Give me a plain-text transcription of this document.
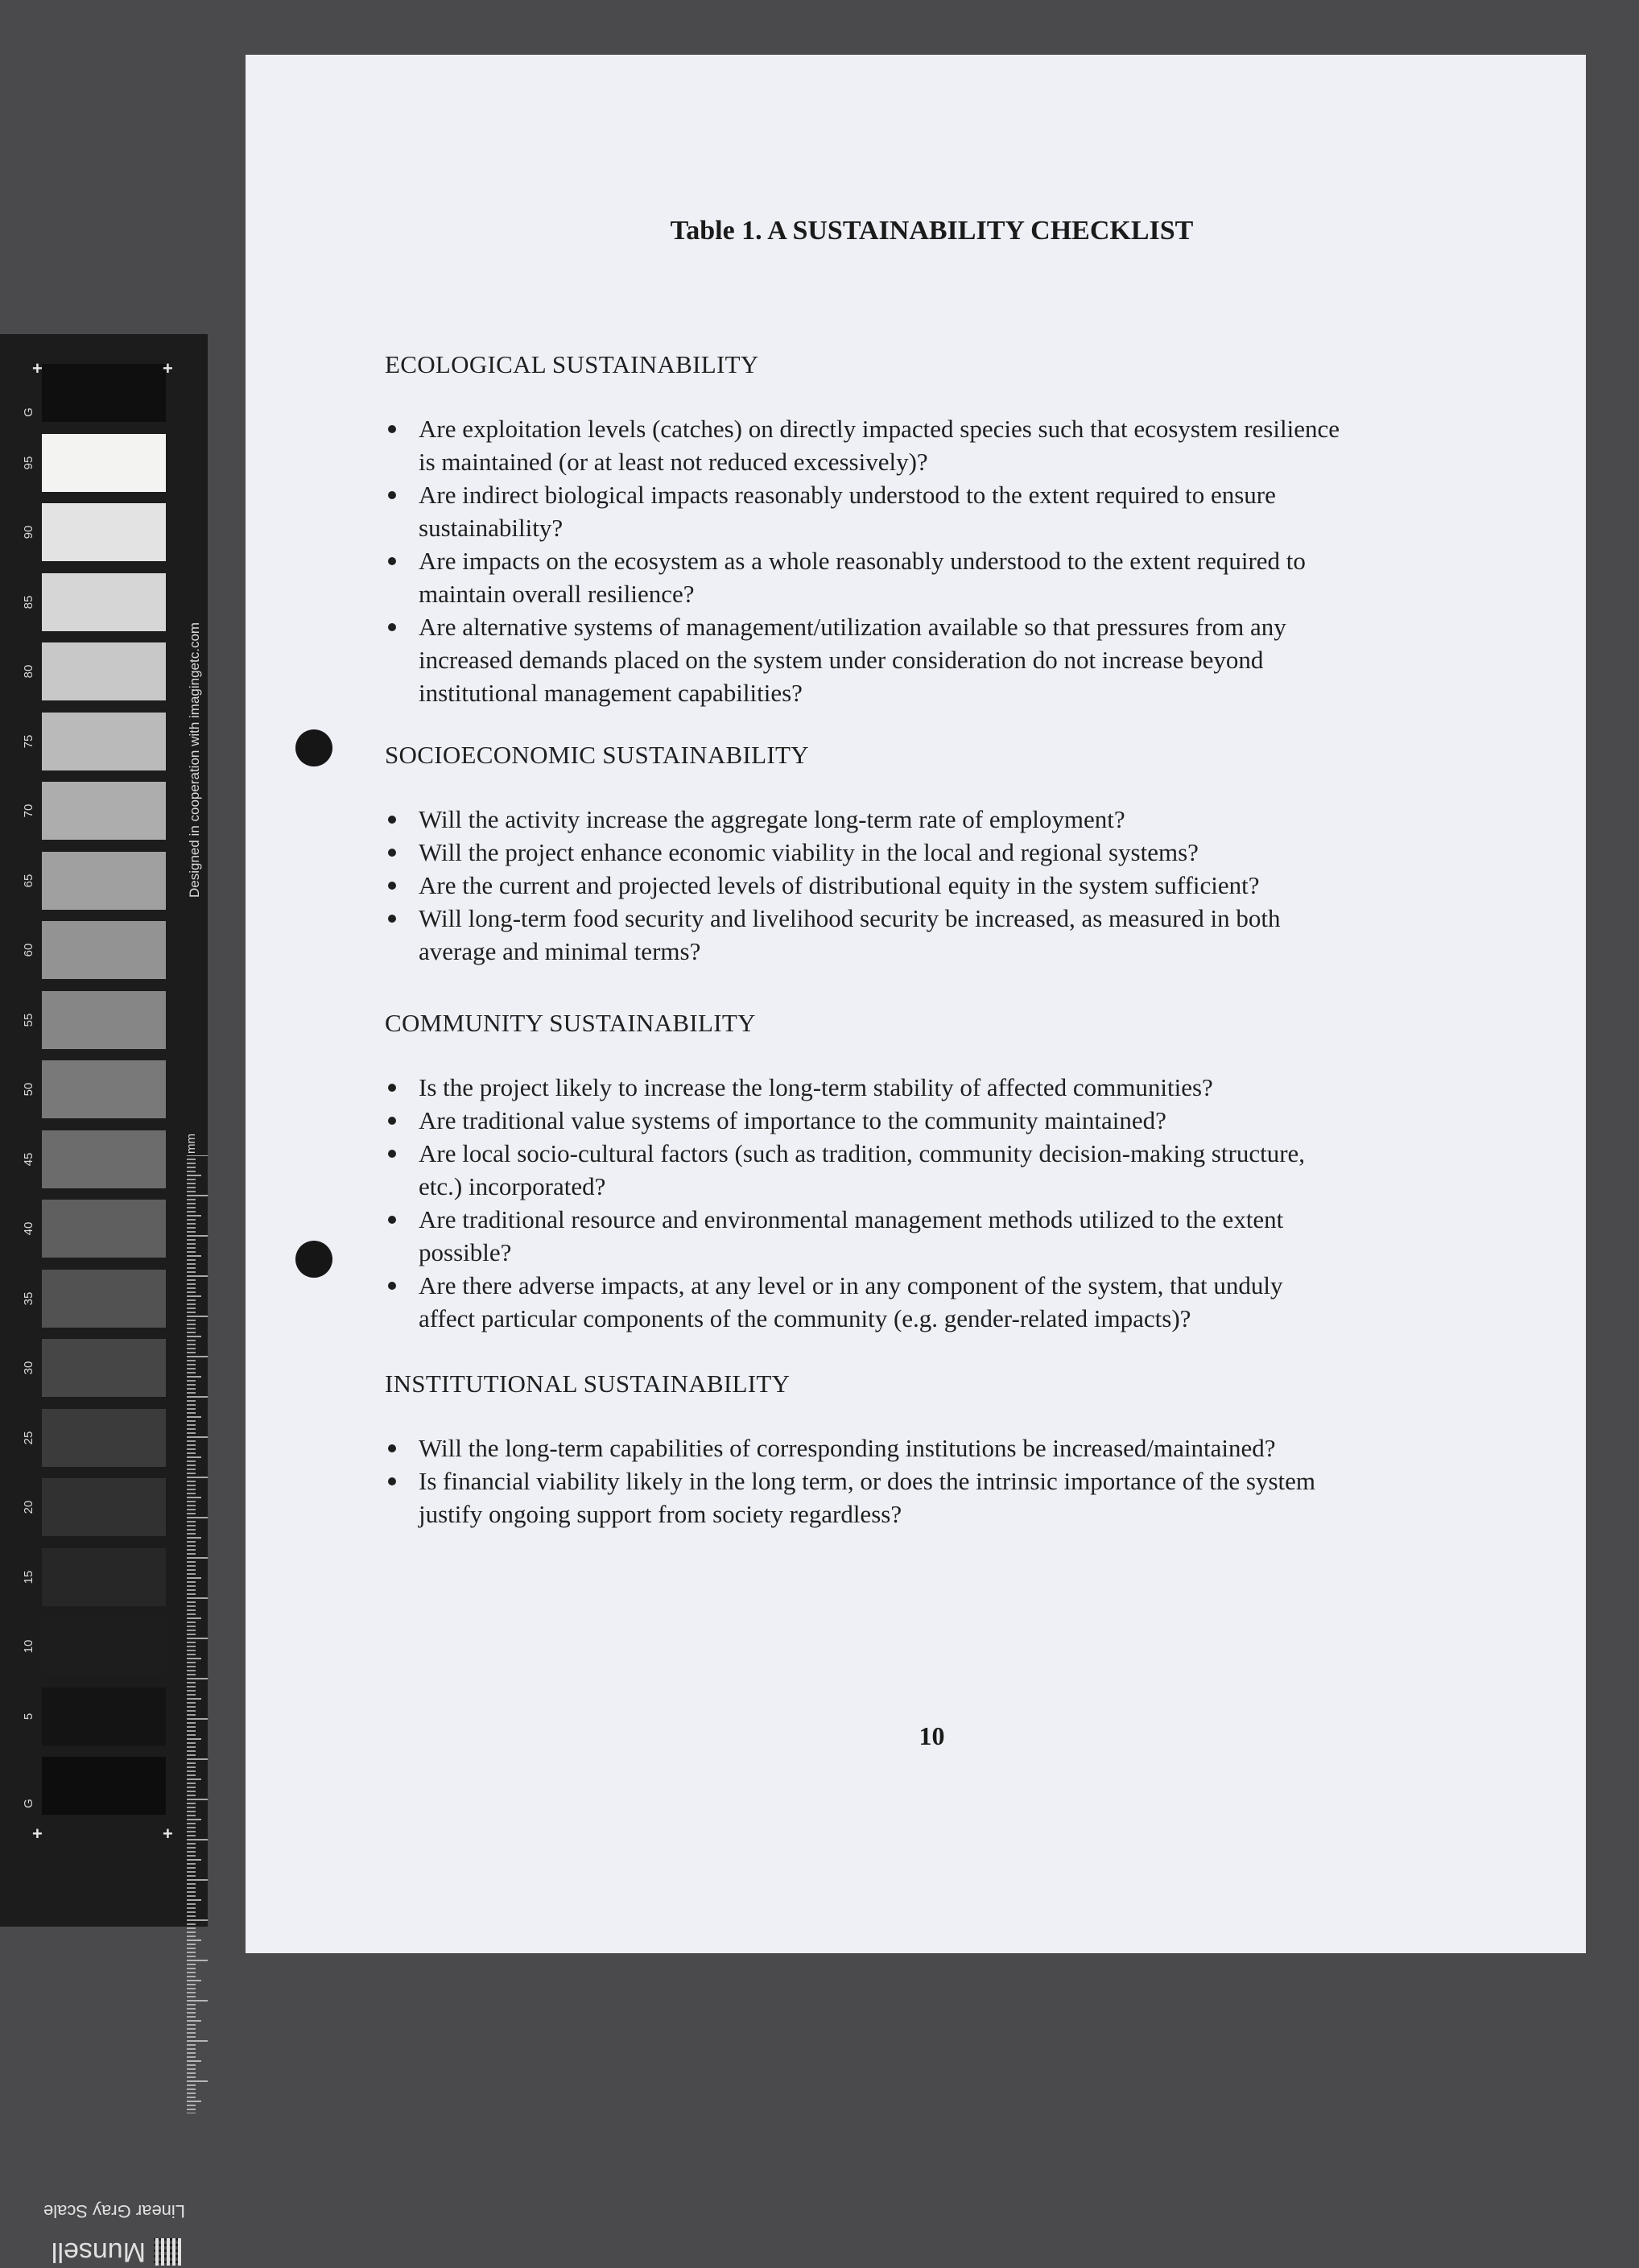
95
90
85
80
75
70
65
60
55
50
45
40
35
30
25
20
15
10
5
+	+
+	+
G
G
Designed in cooperation with imagingetc.com
mm
Linear Gray Scale
Munsell
Table 1. A SUSTAINABILITY CHECKLIST
ECOLOGICAL SUSTAINABILITY
Are exploitation levels (catches) on directly impacted species such that ecosystem resilience
is maintained (or at least not reduced excessively)?
Are indirect biological impacts reasonably understood to the extent required to ensure
sustainability?
Are impacts on the ecosystem as a whole reasonably understood to the extent required to
maintain overall resilience?
Are alternative systems of management/utilization available so that pressures from any
increased demands placed on the system under consideration do not increase beyond
institutional management capabilities?
SOCIOECONOMIC SUSTAINABILITY
Will the activity increase the aggregate long-term rate of employment?
Will the project enhance economic viability in the local and regional systems?
Are the current and projected levels of distributional equity in the system sufficient?
Will long-term food security and livelihood security be increased, as measured in both
average and minimal terms?
COMMUNITY SUSTAINABILITY
Is the project likely to increase the long-term stability of affected communities?
Are traditional value systems of importance to the community maintained?
Are local socio-cultural factors (such as tradition, community decision-making structure,
etc.) incorporated?
Are traditional resource and environmental management methods utilized to the extent
possible?
Are there adverse impacts, at any level or in any component of the system, that unduly
affect particular components of the community (e.g. gender-related impacts)?
INSTITUTIONAL SUSTAINABILITY
Will the long-term capabilities of corresponding institutions be increased/maintained?
Is financial viability likely in the long term, or does the intrinsic importance of the system
justify ongoing support from society regardless?
10
